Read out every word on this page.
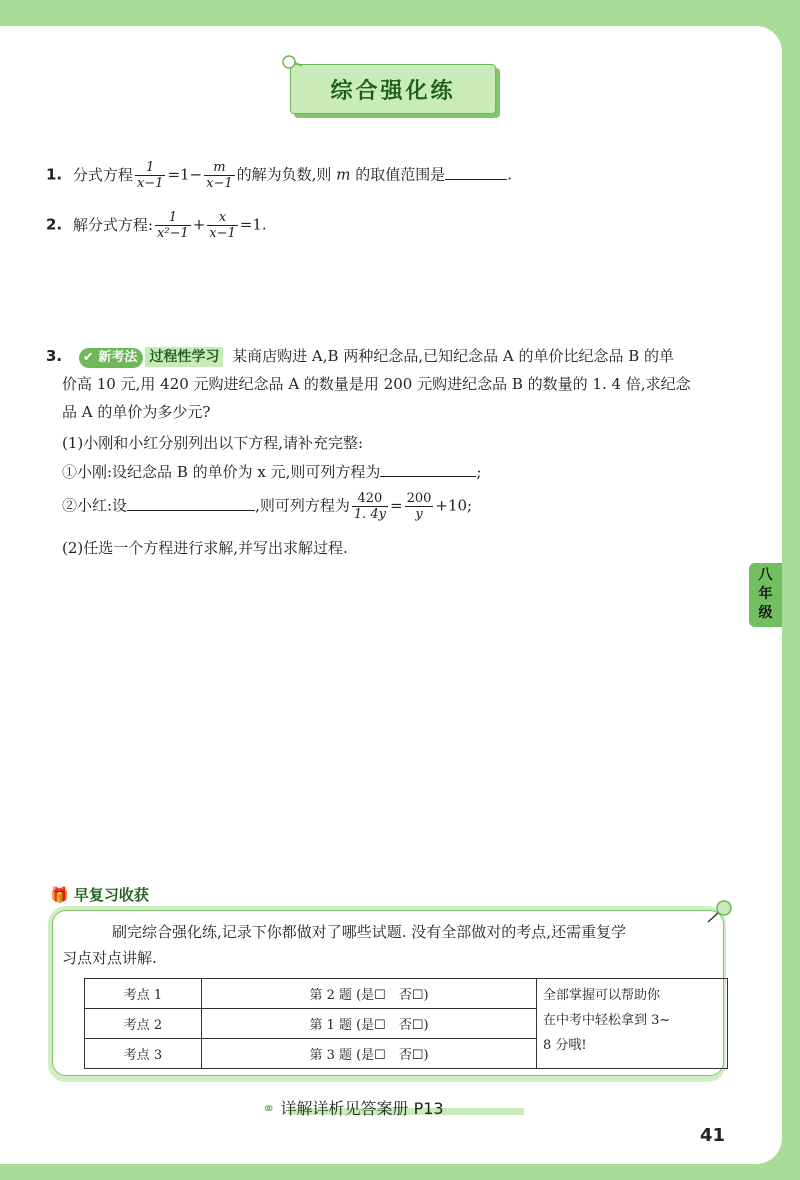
综合强化练
1. 分式方程 $\frac{1}{x-1} =1- \frac{m}{x-1}$ 的解为负数,则 m 的取值范围是	.
2. 解分式方程: $\frac{1}{\text{x²−1}} + \frac{x}{x-1} =1$.
3. ✔ 新考法 过程性学习 某商店购进 A,B 两种纪念品,已知纪念品 A 的单价比纪念品 B 的单
价高 10 元,用 420 元购进纪念品 A 的数量是用 200 元购进纪念品 B 的数量的 1. 4 倍,求纪念
品 A 的单价为多少元?
(1)小刚和小红分别列出以下方程,请补充完整:
①小刚:设纪念品 B 的单价为 x 元,则可列方程为	;
②小红:设	,则可列方程为 $\frac{420}{1. 4y} = \frac{200}{y} +10$;
(2)任选一个方程进行求解,并写出求解过程.
八
年
级
🎁 早复习收获
刷完综合强化练,记录下你都做对了哪些试题. 没有全部做对的考点,还需重复学
习点对点讲解.
考点 1	第 2 题 (是☐　否☐)	全部掌握可以帮助你
在中考中轻松拿到 3~
8 分哦!

考点 2	第 1 题 (是☐　否☐)	
考点 3	第 3 题 (是☐　否☐)	
⚭ 详解详析见答案册 P13
41
